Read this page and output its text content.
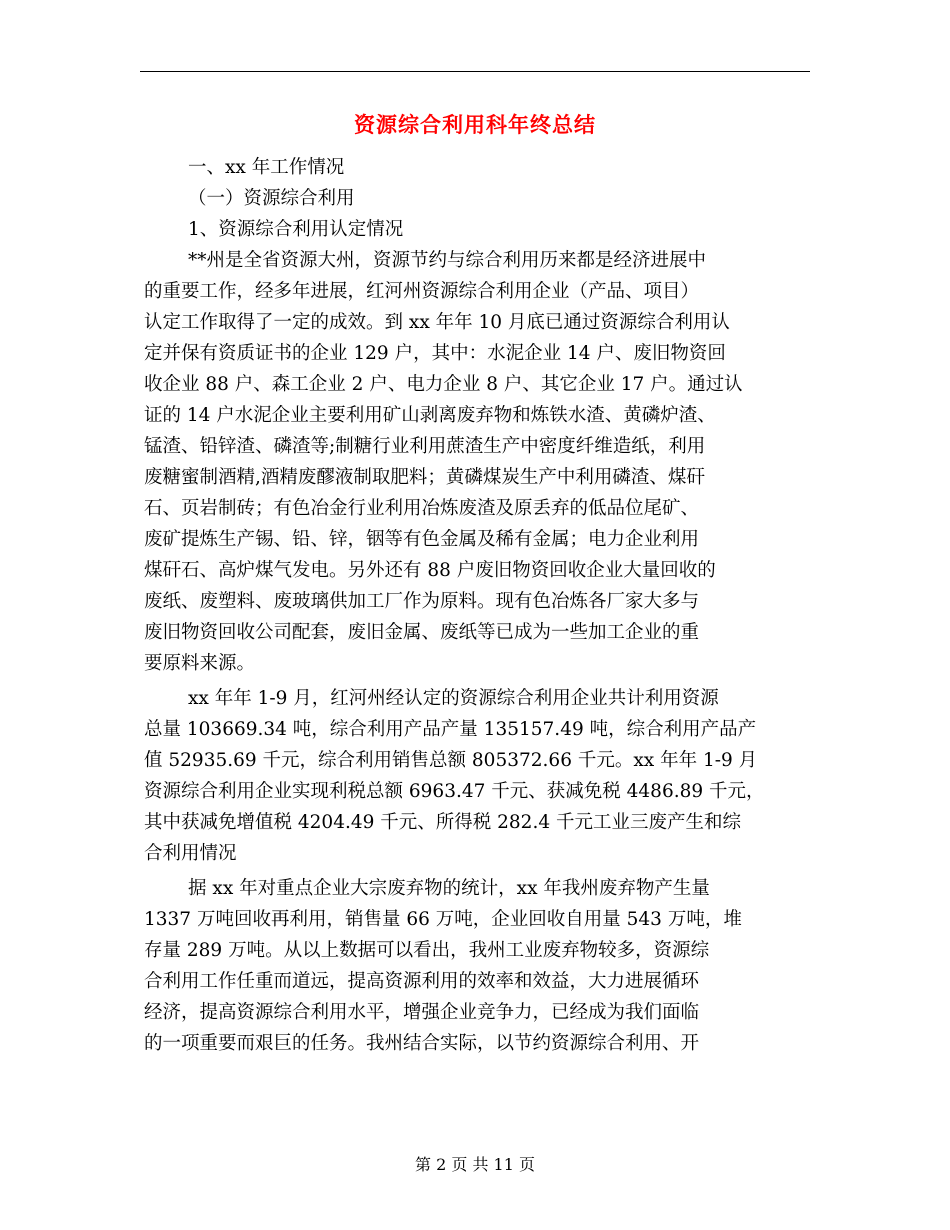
资源综合利用科年终总结
一、xx 年工作情况
（一）资源综合利用
1、资源综合利用认定情况
**州是全省资源大州，资源节约与综合利用历来都是经济进展中
的重要工作，经多年进展，红河州资源综合利用企业（产品、项目）
认定工作取得了一定的成效。到 xx 年年 10 月底已通过资源综合利用认
定并保有资质证书的企业 129 户，其中：水泥企业 14 户、废旧物资回
收企业 88 户、森工企业 2 户、电力企业 8 户、其它企业 17 户。通过认
证的 14 户水泥企业主要利用矿山剥离废弃物和炼铁水渣、黄磷炉渣、
锰渣、铅锌渣、磷渣等;制糖行业利用蔗渣生产中密度纤维造纸，利用
废糖蜜制酒精,酒精废醪液制取肥料；黄磷煤炭生产中利用磷渣、煤矸
石、页岩制砖；有色冶金行业利用冶炼废渣及原丢弃的低品位尾矿、
废矿提炼生产锡、铅、锌，铟等有色金属及稀有金属；电力企业利用
煤矸石、高炉煤气发电。另外还有 88 户废旧物资回收企业大量回收的
废纸、废塑料、废玻璃供加工厂作为原料。现有色冶炼各厂家大多与
废旧物资回收公司配套，废旧金属、废纸等已成为一些加工企业的重
要原料来源。
xx 年年 1-9 月，红河州经认定的资源综合利用企业共计利用资源
总量 103669.34 吨，综合利用产品产量 135157.49 吨，综合利用产品产
值 52935.69 千元，综合利用销售总额 805372.66 千元。xx 年年 1-9 月
资源综合利用企业实现利税总额 6963.47 千元、获减免税 4486.89 千元，
其中获减免增值税 4204.49 千元、所得税 282.4 千元工业三废产生和综
合利用情况
据 xx 年对重点企业大宗废弃物的统计，xx 年我州废弃物产生量
1337 万吨回收再利用，销售量 66 万吨，企业回收自用量 543 万吨，堆
存量 289 万吨。从以上数据可以看出，我州工业废弃物较多，资源综
合利用工作任重而道远，提高资源利用的效率和效益，大力进展循环
经济，提高资源综合利用水平，增强企业竞争力，已经成为我们面临
的一项重要而艰巨的任务。我州结合实际，以节约资源综合利用、开
第 2 页 共 11 页
